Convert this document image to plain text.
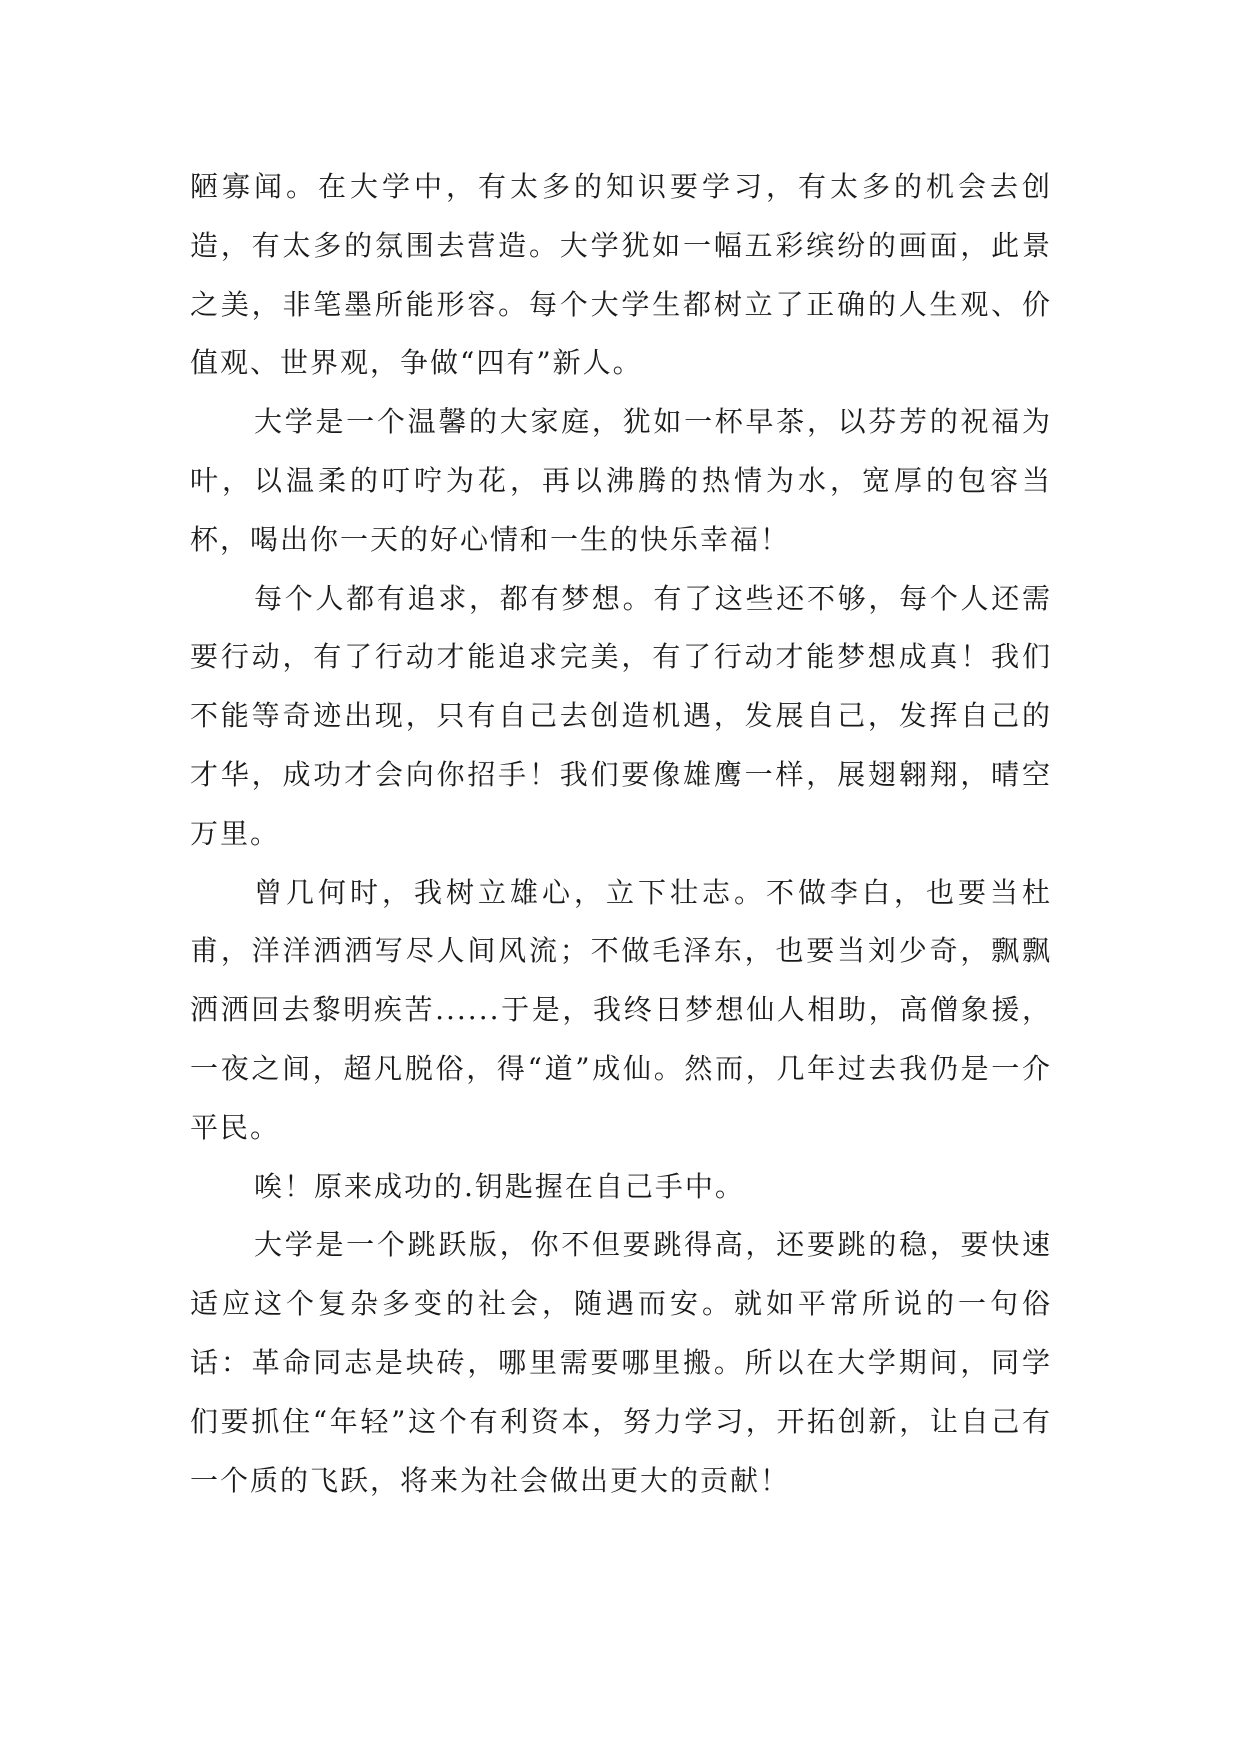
陋寡闻。在大学中，有太多的知识要学习，有太多的机会去创造，有太多的氛围去营造。大学犹如一幅五彩缤纷的画面，此景之美，非笔墨所能形容。每个大学生都树立了正确的人生观、价值观、世界观，争做“四有”新人。

大学是一个温馨的大家庭，犹如一杯早茶，以芬芳的祝福为叶，以温柔的叮咛为花，再以沸腾的热情为水，宽厚的包容当杯，喝出你一天的好心情和一生的快乐幸福！

每个人都有追求，都有梦想。有了这些还不够，每个人还需要行动，有了行动才能追求完美，有了行动才能梦想成真！我们不能等奇迹出现，只有自己去创造机遇，发展自己，发挥自己的才华，成功才会向你招手！我们要像雄鹰一样，展翅翱翔，晴空万里。

曾几何时，我树立雄心，立下壮志。不做李白，也要当杜甫，洋洋洒洒写尽人间风流；不做毛泽东，也要当刘少奇，飘飘洒洒回去黎明疾苦......于是，我终日梦想仙人相助，高僧象援，一夜之间，超凡脱俗，得“道”成仙。然而，几年过去我仍是一介平民。

唉！原来成功的.钥匙握在自己手中。

大学是一个跳跃版，你不但要跳得高，还要跳的稳，要快速适应这个复杂多变的社会，随遇而安。就如平常所说的一句俗话：革命同志是块砖，哪里需要哪里搬。所以在大学期间，同学们要抓住“年轻”这个有利资本，努力学习，开拓创新，让自己有一个质的飞跃，将来为社会做出更大的贡献！
